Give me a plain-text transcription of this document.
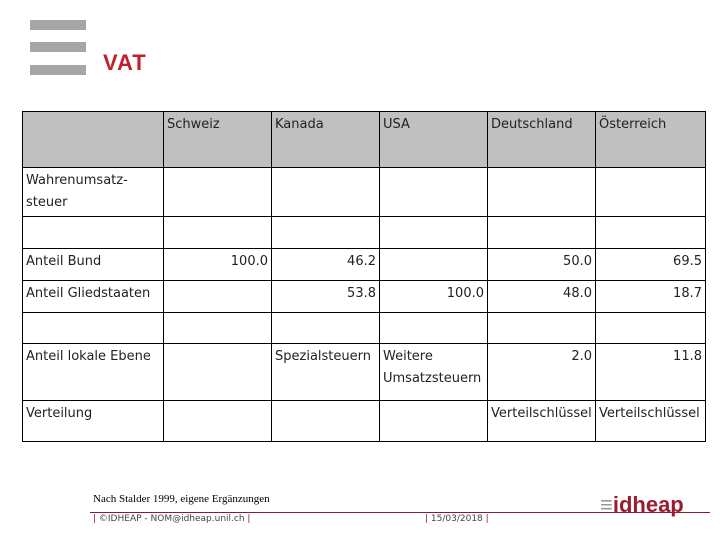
VAT
	Schweiz	Kanada	USA	Deutschland	Österreich
Wahrenumsatz-
steuer					

Anteil Bund	100.0	46.2		50.0	69.5
Anteil Gliedstaaten		53.8	100.0	48.0	18.7

Anteil lokale Ebene		Spezialsteuern	Weitere Umsatzsteuern	2.0	11.8
Verteilung				Verteilschlüssel	Verteilschlüssel
Nach Stalder 1999, eigene Ergänzungen
| ©IDHEAP - NOM@idheap.unil.ch |	| 15/03/2018 |
≡idheap
